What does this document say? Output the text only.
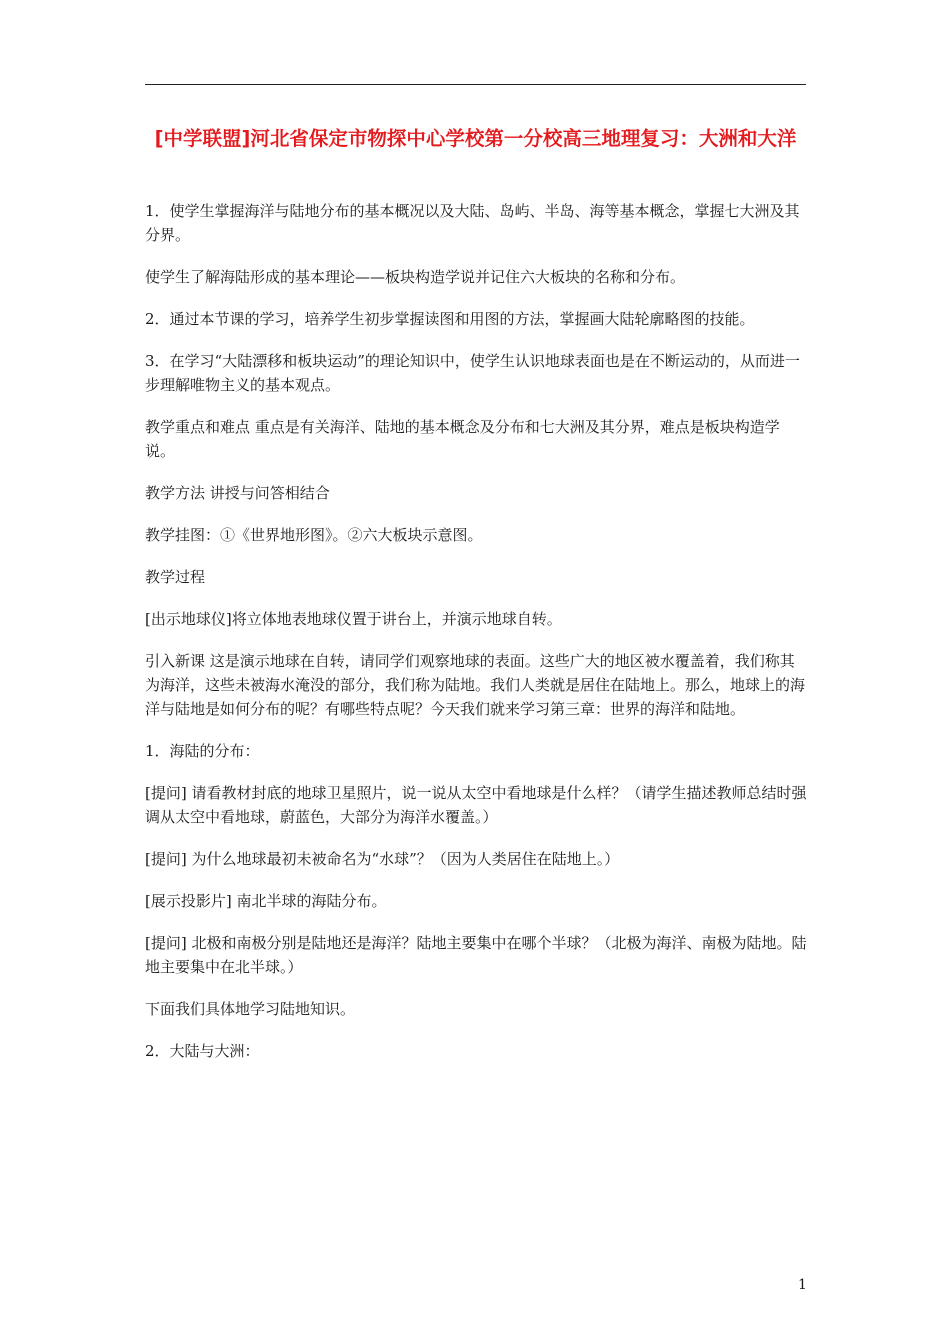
[中学联盟]河北省保定市物探中心学校第一分校高三地理复习：大洲和大洋

1．使学生掌握海洋与陆地分布的基本概况以及大陆、岛屿、半岛、海等基本概念，掌握七大洲及其分界。

使学生了解海陆形成的基本理论——板块构造学说并记住六大板块的名称和分布。

2．通过本节课的学习，培养学生初步掌握读图和用图的方法，掌握画大陆轮廓略图的技能。

3．在学习“大陆漂移和板块运动”的理论知识中，使学生认识地球表面也是在不断运动的，从而进一步理解唯物主义的基本观点。

教学重点和难点 重点是有关海洋、陆地的基本概念及分布和七大洲及其分界，难点是板块构造学说。

教学方法 讲授与问答相结合

教学挂图：①《世界地形图》。②六大板块示意图。

教学过程

[出示地球仪]将立体地表地球仪置于讲台上，并演示地球自转。

引入新课 这是演示地球在自转，请同学们观察地球的表面。这些广大的地区被水覆盖着，我们称其为海洋，这些未被海水淹没的部分，我们称为陆地。我们人类就是居住在陆地上。那么，地球上的海洋与陆地是如何分布的呢？有哪些特点呢？今天我们就来学习第三章：世界的海洋和陆地。

1．海陆的分布：

[提问] 请看教材封底的地球卫星照片，说一说从太空中看地球是什么样？（请学生描述教师总结时强调从太空中看地球，蔚蓝色，大部分为海洋水覆盖。）

[提问] 为什么地球最初未被命名为“水球”？（因为人类居住在陆地上。）

[展示投影片] 南北半球的海陆分布。

[提问] 北极和南极分别是陆地还是海洋？陆地主要集中在哪个半球？（北极为海洋、南极为陆地。陆地主要集中在北半球。）

下面我们具体地学习陆地知识。

2．大陆与大洲：

1
